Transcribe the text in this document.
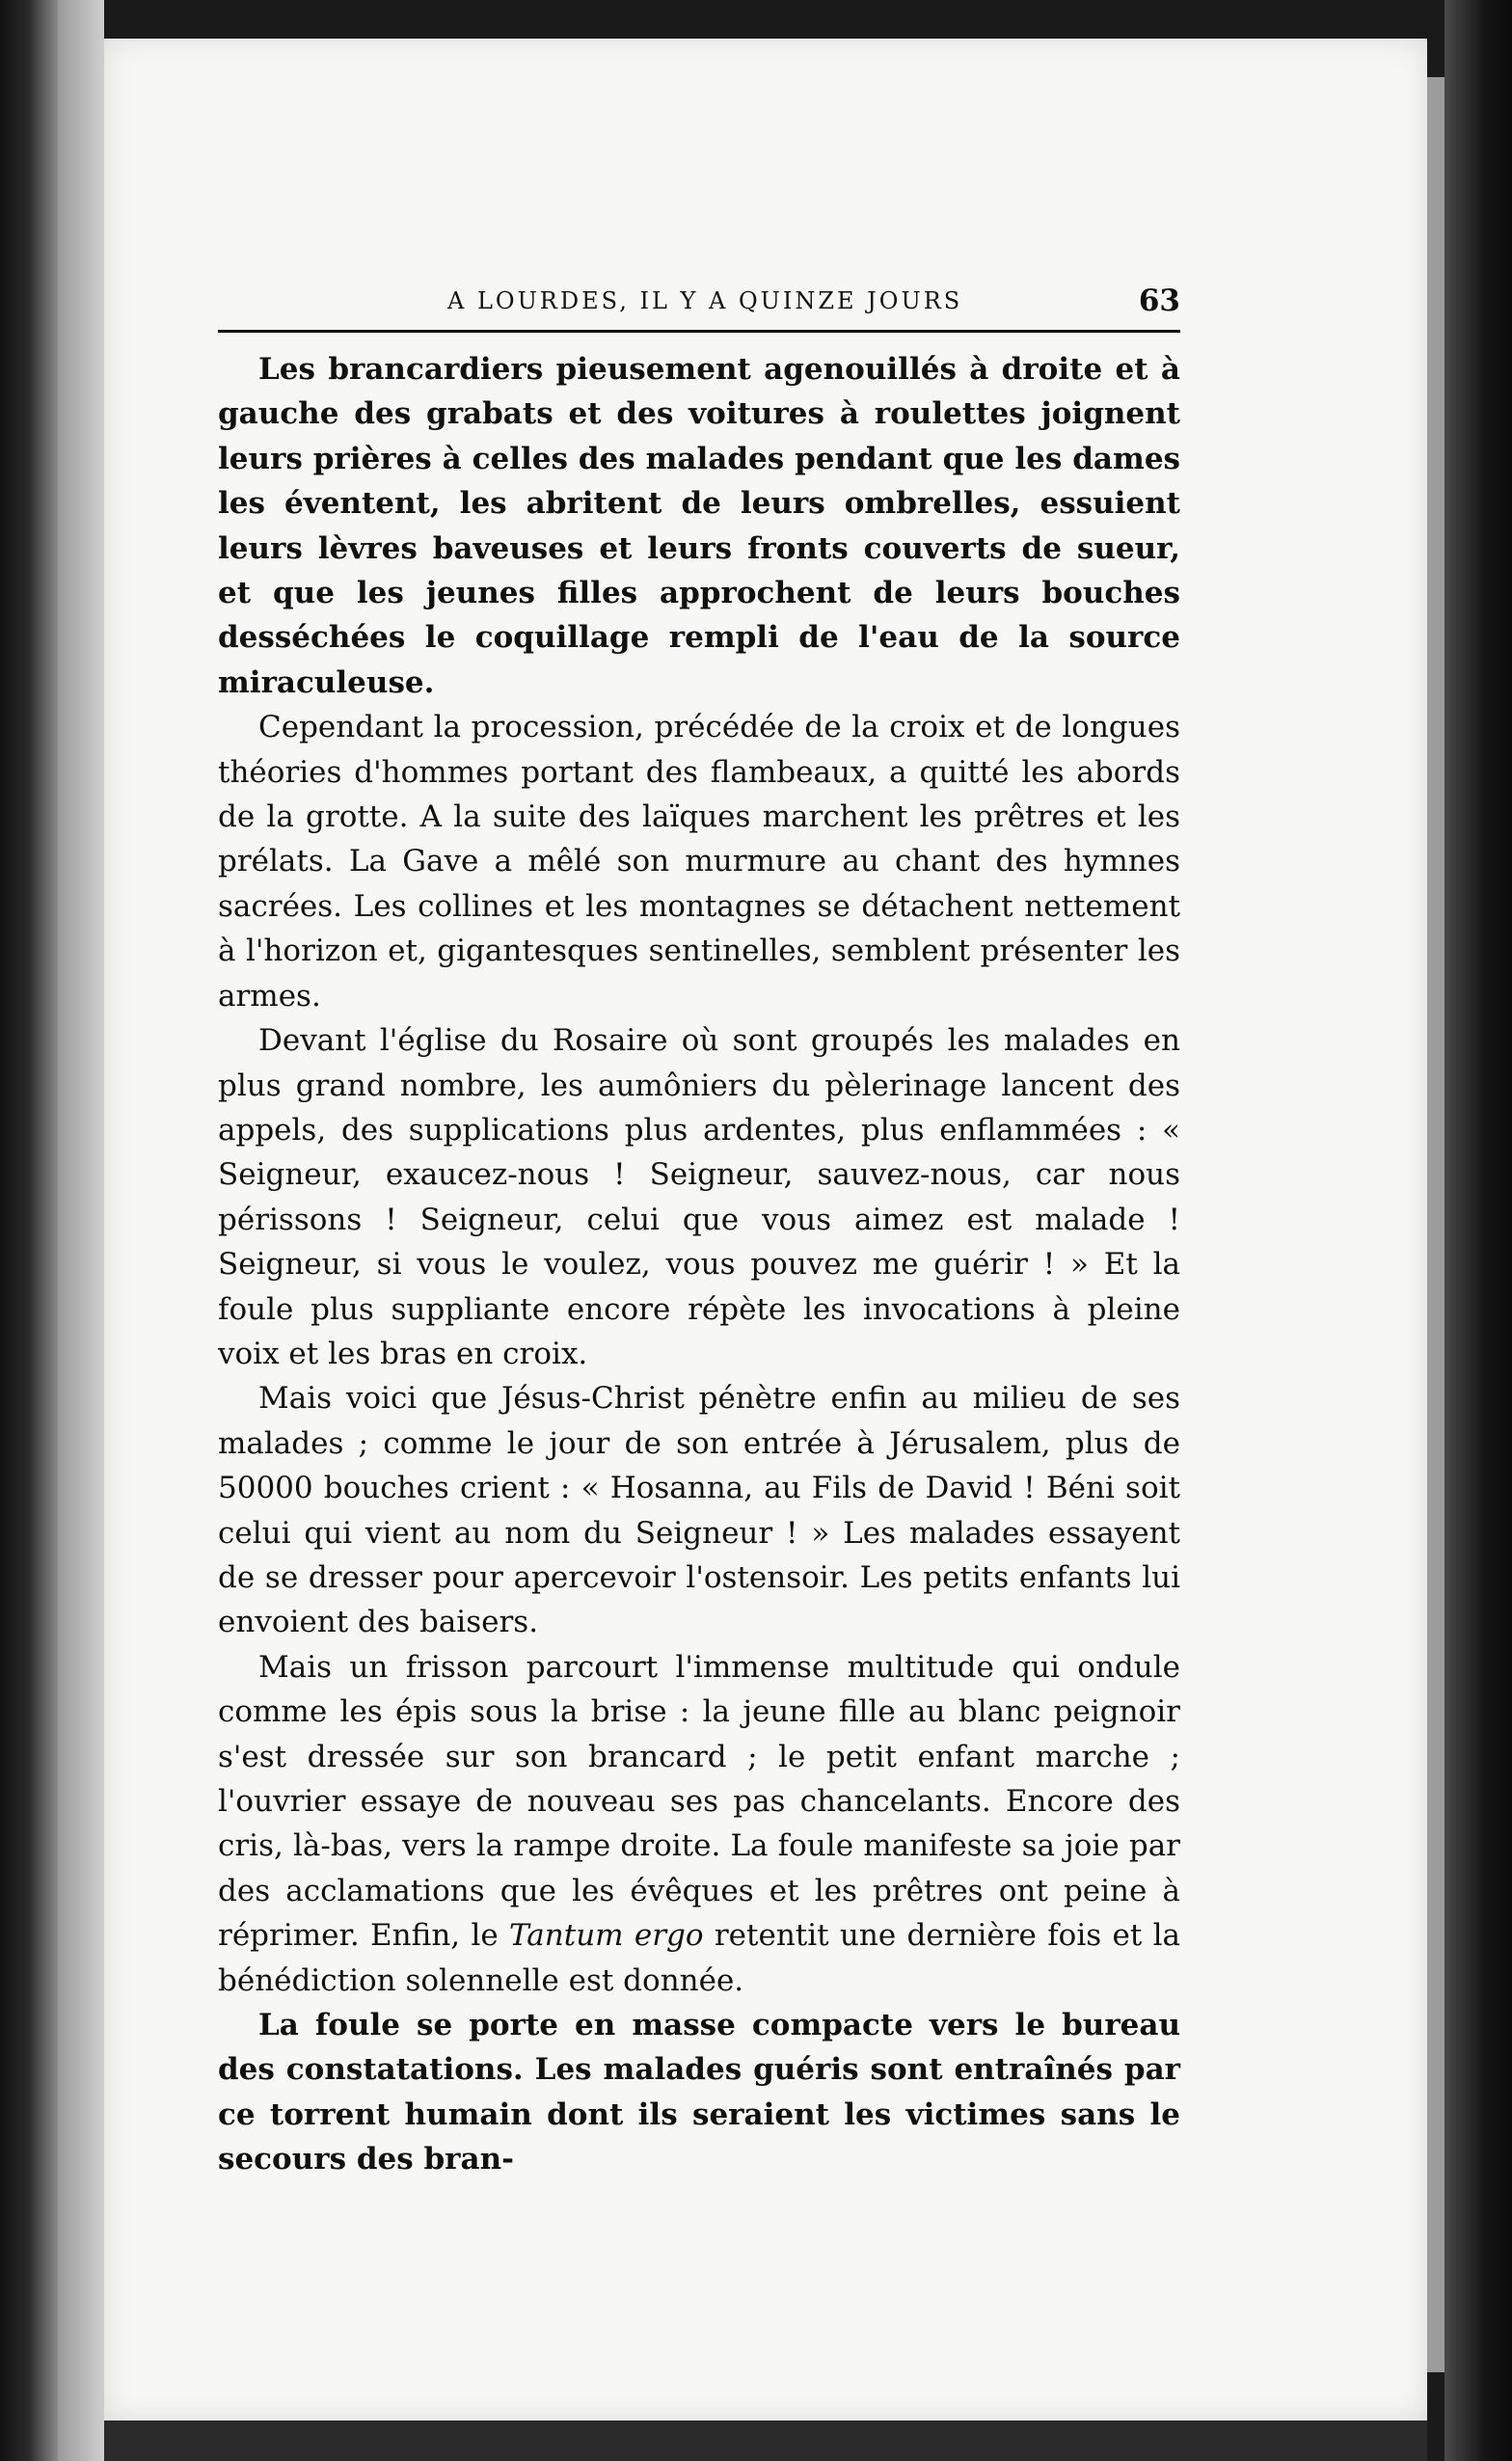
A LOURDES, IL Y A QUINZE JOURS	63

Les brancardiers pieusement agenouillés à droite et à gauche des grabats et des voitures à roulettes joignent leurs prières à celles des malades pendant que les dames les éventent, les abritent de leurs ombrelles, essuient leurs lèvres baveuses et leurs fronts couverts de sueur, et que les jeunes filles approchent de leurs bouches desséchées le coquillage rempli de l'eau de la source miraculeuse.

Cependant la procession, précédée de la croix et de longues théories d'hommes portant des flambeaux, a quitté les abords de la grotte. A la suite des laïques marchent les prêtres et les prélats. La Gave a mêlé son murmure au chant des hymnes sacrées. Les collines et les montagnes se détachent nettement à l'horizon et, gigantesques sentinelles, semblent présenter les armes.

Devant l'église du Rosaire où sont groupés les malades en plus grand nombre, les aumôniers du pèlerinage lancent des appels, des supplications plus ardentes, plus enflammées : « Seigneur, exaucez-nous ! Seigneur, sauvez-nous, car nous périssons ! Seigneur, celui que vous aimez est malade ! Seigneur, si vous le voulez, vous pouvez me guérir ! » Et la foule plus suppliante encore répète les invocations à pleine voix et les bras en croix.

Mais voici que Jésus-Christ pénètre enfin au milieu de ses malades ; comme le jour de son entrée à Jérusalem, plus de 50000 bouches crient : « Hosanna, au Fils de David ! Béni soit celui qui vient au nom du Seigneur ! » Les malades essayent de se dresser pour apercevoir l'ostensoir. Les petits enfants lui envoient des baisers.

Mais un frisson parcourt l'immense multitude qui ondule comme les épis sous la brise : la jeune fille au blanc peignoir s'est dressée sur son brancard ; le petit enfant marche ; l'ouvrier essaye de nouveau ses pas chancelants. Encore des cris, là-bas, vers la rampe droite. La foule manifeste sa joie par des acclamations que les évêques et les prêtres ont peine à réprimer. Enfin, le Tantum ergo retentit une dernière fois et la bénédiction solennelle est donnée.

La foule se porte en masse compacte vers le bureau des constatations. Les malades guéris sont entraînés par ce torrent humain dont ils seraient les victimes sans le secours des bran-
